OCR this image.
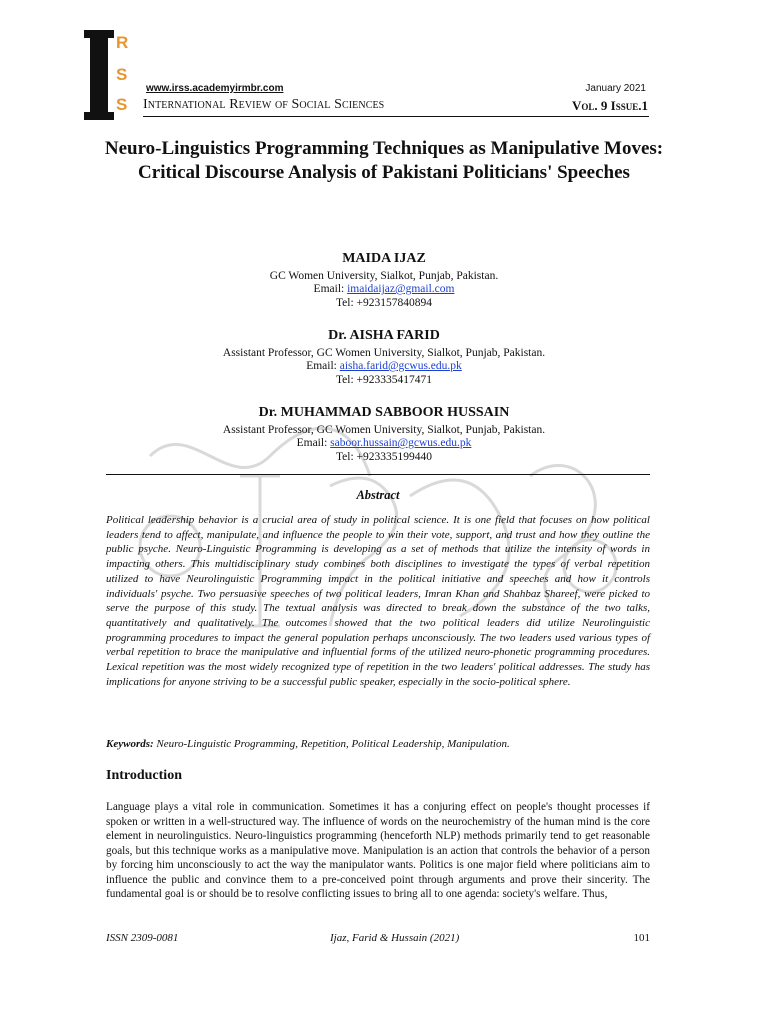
R
S
S
www.irss.academyirmbr.com
International Review of Social Sciences
January 2021
Vol. 9 Issue.1
Neuro-Linguistics Programming Techniques as Manipulative Moves: Critical Discourse Analysis of Pakistani Politicians' Speeches
MAIDA IJAZ
GC Women University, Sialkot, Punjab, Pakistan.
Email: imaidaijaz@gmail.com
Tel: +923157840894
Dr. AISHA FARID
Assistant Professor, GC Women University, Sialkot, Punjab, Pakistan.
Email: aisha.farid@gcwus.edu.pk
Tel: +923335417471
Dr. MUHAMMAD SABBOOR HUSSAIN
Assistant Professor, GC Women University, Sialkot, Punjab, Pakistan.
Email: saboor.hussain@gcwus.edu.pk
Tel: +923335199440
Abstract

Political leadership behavior is a crucial area of study in political science. It is one field that focuses on how political leaders tend to affect, manipulate, and influence the people to win their vote, support, and trust and how they outline the public psyche. Neuro-Linguistic Programming is developing as a set of methods that utilize the intensity of words in impacting others. This multidisciplinary study combines both disciplines to investigate the types of verbal repetition utilized to have Neurolinguistic Programming impact in the political initiative and speeches and how it controls individuals' psyche. Two persuasive speeches of two political leaders, Imran Khan and Shahbaz Shareef, were picked to serve the purpose of this study. The textual analysis was directed to break down the substance of the two talks, quantitatively and qualitatively. The outcomes showed that the two political leaders did utilize Neurolinguistic programming procedures to impact the general population perhaps unconsciously. The two leaders used various types of verbal repetition to brace the manipulative and influential forms of the utilized neuro-phonetic programming procedures. Lexical repetition was the most widely recognized type of repetition in the two leaders' political addresses. The study has implications for anyone striving to be a successful public speaker, especially in the socio-political sphere.

Keywords: Neuro-Linguistic Programming, Repetition, Political Leadership, Manipulation.

Introduction

Language plays a vital role in communication. Sometimes it has a conjuring effect on people's thought processes if spoken or written in a well-structured way. The influence of words on the neurochemistry of the human mind is the core element in neurolinguistics. Neuro-linguistics programming (henceforth NLP) methods primarily tend to get reasonable goals, but this technique works as a manipulative move. Manipulation is an action that controls the behavior of a person by forcing him unconsciously to act the way the manipulator wants. Politics is one major field where politicians aim to influence the public and convince them to a pre-conceived point through arguments and prove their sincerity. The fundamental goal is or should be to resolve conflicting issues to bring all to one agenda: society's welfare. Thus,

ISSN 2309-0081	Ijaz, Farid & Hussain (2021)	101
